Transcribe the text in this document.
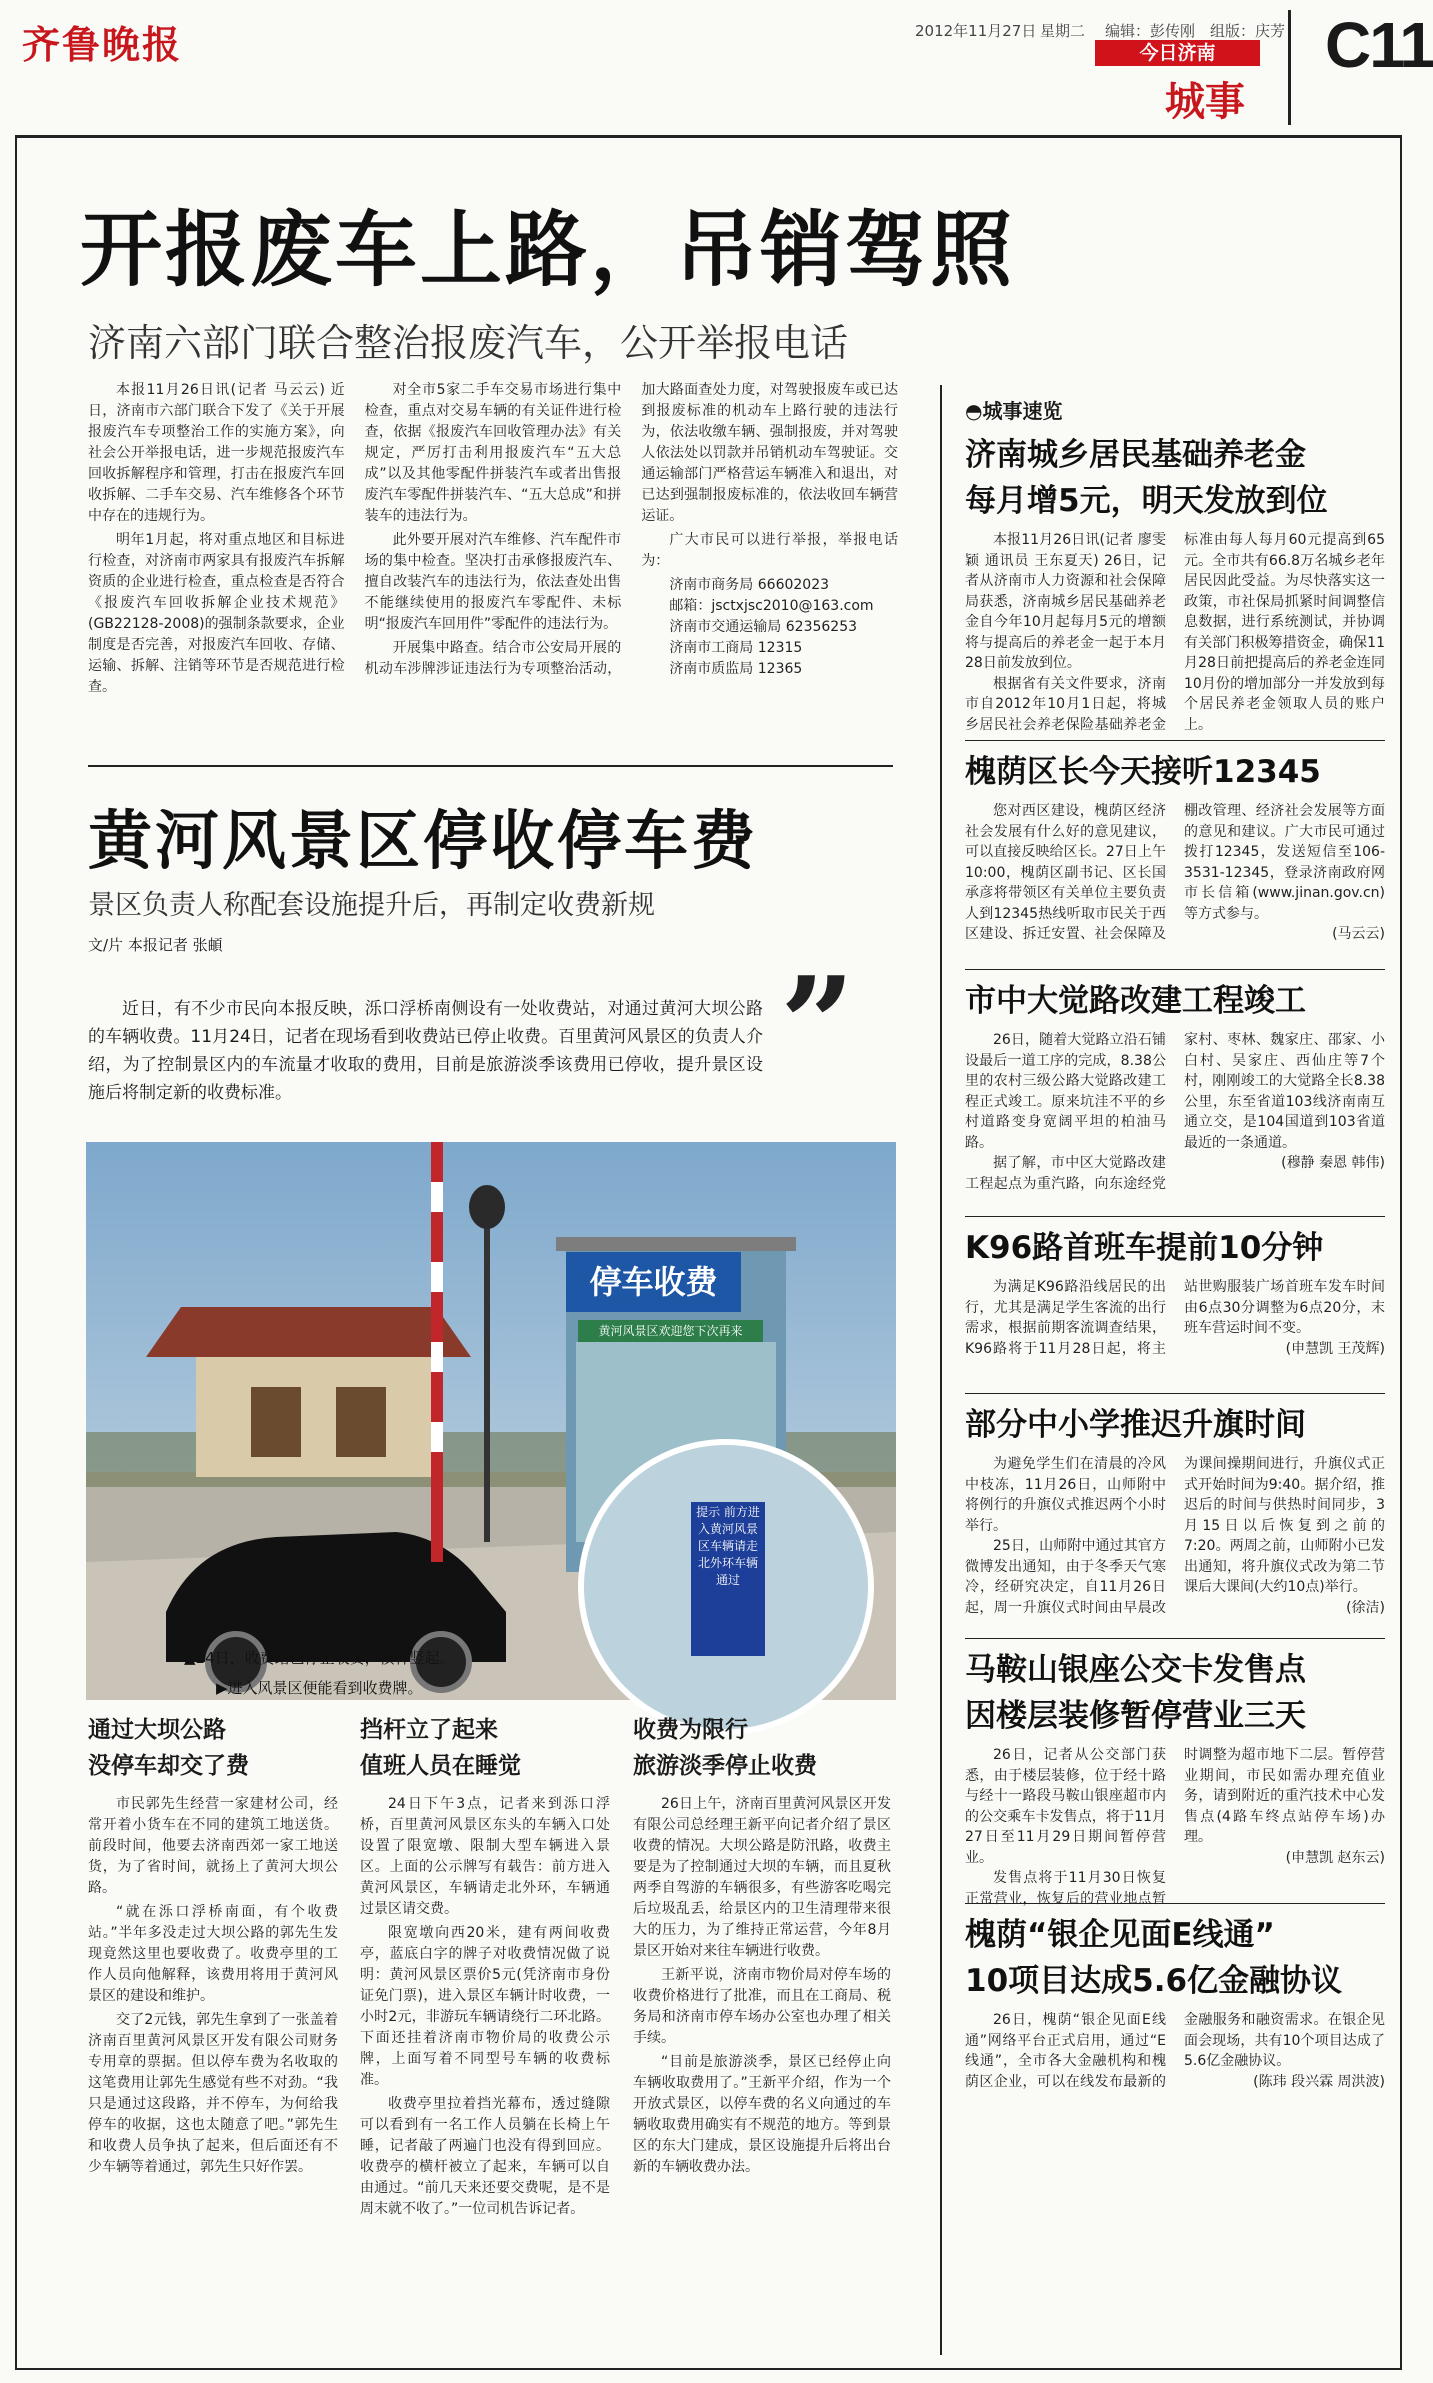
齐鲁晚报	2012年11月27日 星期二 编辑：彭传刚 组版：庆芳
今日济南
城事
C11
开报废车上路，吊销驾照
济南六部门联合整治报废汽车，公开举报电话

本报11月26日讯(记者 马云云) 近日，济南市六部门联合下发了《关于开展报废汽车专项整治工作的实施方案》，向社会公开举报电话，进一步规范报废汽车回收拆解程序和管理，打击在报废汽车回收拆解、二手车交易、汽车维修各个环节中存在的违规行为。

明年1月起，将对重点地区和目标进行检查，对济南市两家具有报废汽车拆解资质的企业进行检查，重点检查是否符合《报废汽车回收拆解企业技术规范》(GB22128-2008)的强制条款要求，企业制度是否完善，对报废汽车回收、存储、运输、拆解、注销等环节是否规范进行检查。

对全市5家二手车交易市场进行集中检查，重点对交易车辆的有关证件进行检查，依据《报废汽车回收管理办法》有关规定，严厉打击利用报废汽车“五大总成”以及其他零配件拼装汽车或者出售报废汽车零配件拼装汽车、“五大总成”和拼装车的违法行为。

此外要开展对汽车维修、汽车配件市场的集中检查。坚决打击承修报废汽车、擅自改装汽车的违法行为，依法查处出售不能继续使用的报废汽车零配件、未标明“报废汽车回用件”零配件的违法行为。

开展集中路查。结合市公安局开展的机动车涉牌涉证违法行为专项整治活动，加大路面查处力度，对驾驶报废车或已达到报废标准的机动车上路行驶的违法行为，依法收缴车辆、强制报废，并对驾驶人依法处以罚款并吊销机动车驾驶证。交通运输部门严格营运车辆准入和退出，对已达到强制报废标准的，依法收回车辆营运证。

广大市民可以进行举报，举报电话为：

济南市商务局 66602023
邮箱：jsctxjsc2010@163.com
济南市交通运输局 62356253
济南市工商局 12315
济南市质监局 12365
黄河风景区停收停车费
景区负责人称配套设施提升后，再制定收费新规
文/片 本报记者 张頔
近日，有不少市民向本报反映，泺口浮桥南侧设有一处收费站，对通过黄河大坝公路的车辆收费。11月24日，记者在现场看到收费站已停止收费。百里黄河风景区的负责人介绍，为了控制景区内的车流量才收取的费用，目前是旅游淡季该费用已停收，提升景区设施后将制定新的收费标准。	”
停车收费
黄河风景区欢迎您下次再来
提示 前方进入黄河风景区车辆请走北外环车辆通过
▲24日，收费站已停止收费，横杆竖起。
▶进入风景区便能看到收费牌。
通过大坝公路
没停车却交了费

市民郭先生经营一家建材公司，经常开着小货车在不同的建筑工地送货。前段时间，他要去济南西郊一家工地送货，为了省时间，就扬上了黄河大坝公路。

“就在泺口浮桥南面，有个收费站。”半年多没走过大坝公路的郭先生发现竟然这里也要收费了。收费亭里的工作人员向他解释，该费用将用于黄河风景区的建设和维护。

交了2元钱，郭先生拿到了一张盖着济南百里黄河风景区开发有限公司财务专用章的票据。但以停车费为名收取的这笔费用让郭先生感觉有些不对劲。“我只是通过这段路，并不停车，为何给我停车的收据，这也太随意了吧。”郭先生和收费人员争执了起来，但后面还有不少车辆等着通过，郭先生只好作罢。

挡杆立了起来
值班人员在睡觉

24日下午3点，记者来到泺口浮桥，百里黄河风景区东头的车辆入口处设置了限宽墩、限制大型车辆进入景区。上面的公示牌写有载告：前方进入黄河风景区，车辆请走北外环，车辆通过景区请交费。

限宽墩向西20米，建有两间收费亭，蓝底白字的牌子对收费情况做了说明：黄河风景区票价5元(凭济南市身份证免门票)，进入景区车辆计时收费，一小时2元，非游玩车辆请绕行二环北路。下面还挂着济南市物价局的收费公示牌，上面写着不同型号车辆的收费标准。

收费亭里拉着挡光幕布，透过缝隙可以看到有一名工作人员躺在长椅上午睡，记者敲了两遍门也没有得到回应。收费亭的横杆被立了起来，车辆可以自由通过。“前几天来还要交费呢，是不是周末就不收了。”一位司机告诉记者。

收费为限行
旅游淡季停止收费

26日上午，济南百里黄河风景区开发有限公司总经理王新平向记者介绍了景区收费的情况。大坝公路是防汛路，收费主要是为了控制通过大坝的车辆，而且夏秋两季自驾游的车辆很多，有些游客吃喝完后垃圾乱丢，给景区内的卫生清理带来很大的压力，为了维持正常运营，今年8月景区开始对来往车辆进行收费。

王新平说，济南市物价局对停车场的收费价格进行了批准，而且在工商局、税务局和济南市停车场办公室也办理了相关手续。

“目前是旅游淡季，景区已经停止向车辆收取费用了。”王新平介绍，作为一个开放式景区，以停车费的名义向通过的车辆收取费用确实有不规范的地方。等到景区的东大门建成，景区设施提升后将出台新的车辆收费办法。

◓城事速览
济南城乡居民基础养老金
每月增5元，明天发放到位

本报11月26日讯(记者 廖雯颖 通讯员 王东夏天) 26日，记者从济南市人力资源和社会保障局获悉，济南城乡居民基础养老金自今年10月起每月5元的增额将与提高后的养老金一起于本月28日前发放到位。

根据省有关文件要求，济南市自2012年10月1日起，将城乡居民社会养老保险基础养老金标准由每人每月60元提高到65元。全市共有66.8万名城乡老年居民因此受益。为尽快落实这一政策，市社保局抓紧时间调整信息数据，进行系统测试，并协调有关部门积极筹措资金，确保11月28日前把提高后的养老金连同10月份的增加部分一并发放到每个居民养老金领取人员的账户上。

槐荫区长今天接听12345

您对西区建设，槐荫区经济社会发展有什么好的意见建议，可以直接反映给区长。27日上午10:00，槐荫区副书记、区长国承彦将带领区有关单位主要负责人到12345热线听取市民关于西区建设、拆迁安置、社会保障及棚改管理、经济社会发展等方面的意见和建议。广大市民可通过拨打12345，发送短信至106-3531-12345，登录济南政府网市长信箱(www.jinan.gov.cn)等方式参与。

(马云云)
市中大觉路改建工程竣工

26日，随着大觉路立沿石铺设最后一道工序的完成，8.38公里的农村三级公路大觉路改建工程正式竣工。原来坑洼不平的乡村道路变身宽阔平坦的柏油马路。

据了解，市中区大觉路改建工程起点为重汽路，向东途经党家村、枣林、魏家庄、邵家、小白村、吴家庄、西仙庄等7个村，刚刚竣工的大觉路全长8.38公里，东至省道103线济南南互通立交，是104国道到103省道最近的一条通道。

(穆静 秦恩 韩伟)
K96路首班车提前10分钟

为满足K96路沿线居民的出行，尤其是满足学生客流的出行需求，根据前期客流调查结果，K96路将于11月28日起，将主站世购服装广场首班车发车时间由6点30分调整为6点20分，末班车营运时间不变。

(申慧凯 王茂辉)
部分中小学推迟升旗时间

为避免学生们在清晨的冷风中枝冻，11月26日，山师附中将例行的升旗仪式推迟两个小时举行。

25日，山师附中通过其官方微博发出通知，由于冬季天气寒冷，经研究决定，自11月26日起，周一升旗仪式时间由早晨改为课间操期间进行，升旗仪式正式开始时间为9:40。据介绍，推迟后的时间与供热时间同步，3月15日以后恢复到之前的7:20。两周之前，山师附小已发出通知，将升旗仪式改为第二节课后大课间(大约10点)举行。

(徐洁)
马鞍山银座公交卡发售点
因楼层装修暂停营业三天

26日，记者从公交部门获悉，由于楼层装修，位于经十路与经十一路段马鞍山银座超市内的公交乘车卡发售点，将于11月27日至11月29日期间暂停营业。

发售点将于11月30日恢复正常营业，恢复后的营业地点暂时调整为超市地下二层。暂停营业期间，市民如需办理充值业务，请到附近的重汽技术中心发售点(4路车终点站停车场)办理。

(申慧凯 赵东云)
槐荫“银企见面E线通”
10项目达成5.6亿金融协议

26日，槐荫“银企见面E线通”网络平台正式启用，通过“E线通”，全市各大金融机构和槐荫区企业，可以在线发布最新的金融服务和融资需求。在银企见面会现场，共有10个项目达成了5.6亿金融协议。

(陈玮 段兴霖 周洪波)
